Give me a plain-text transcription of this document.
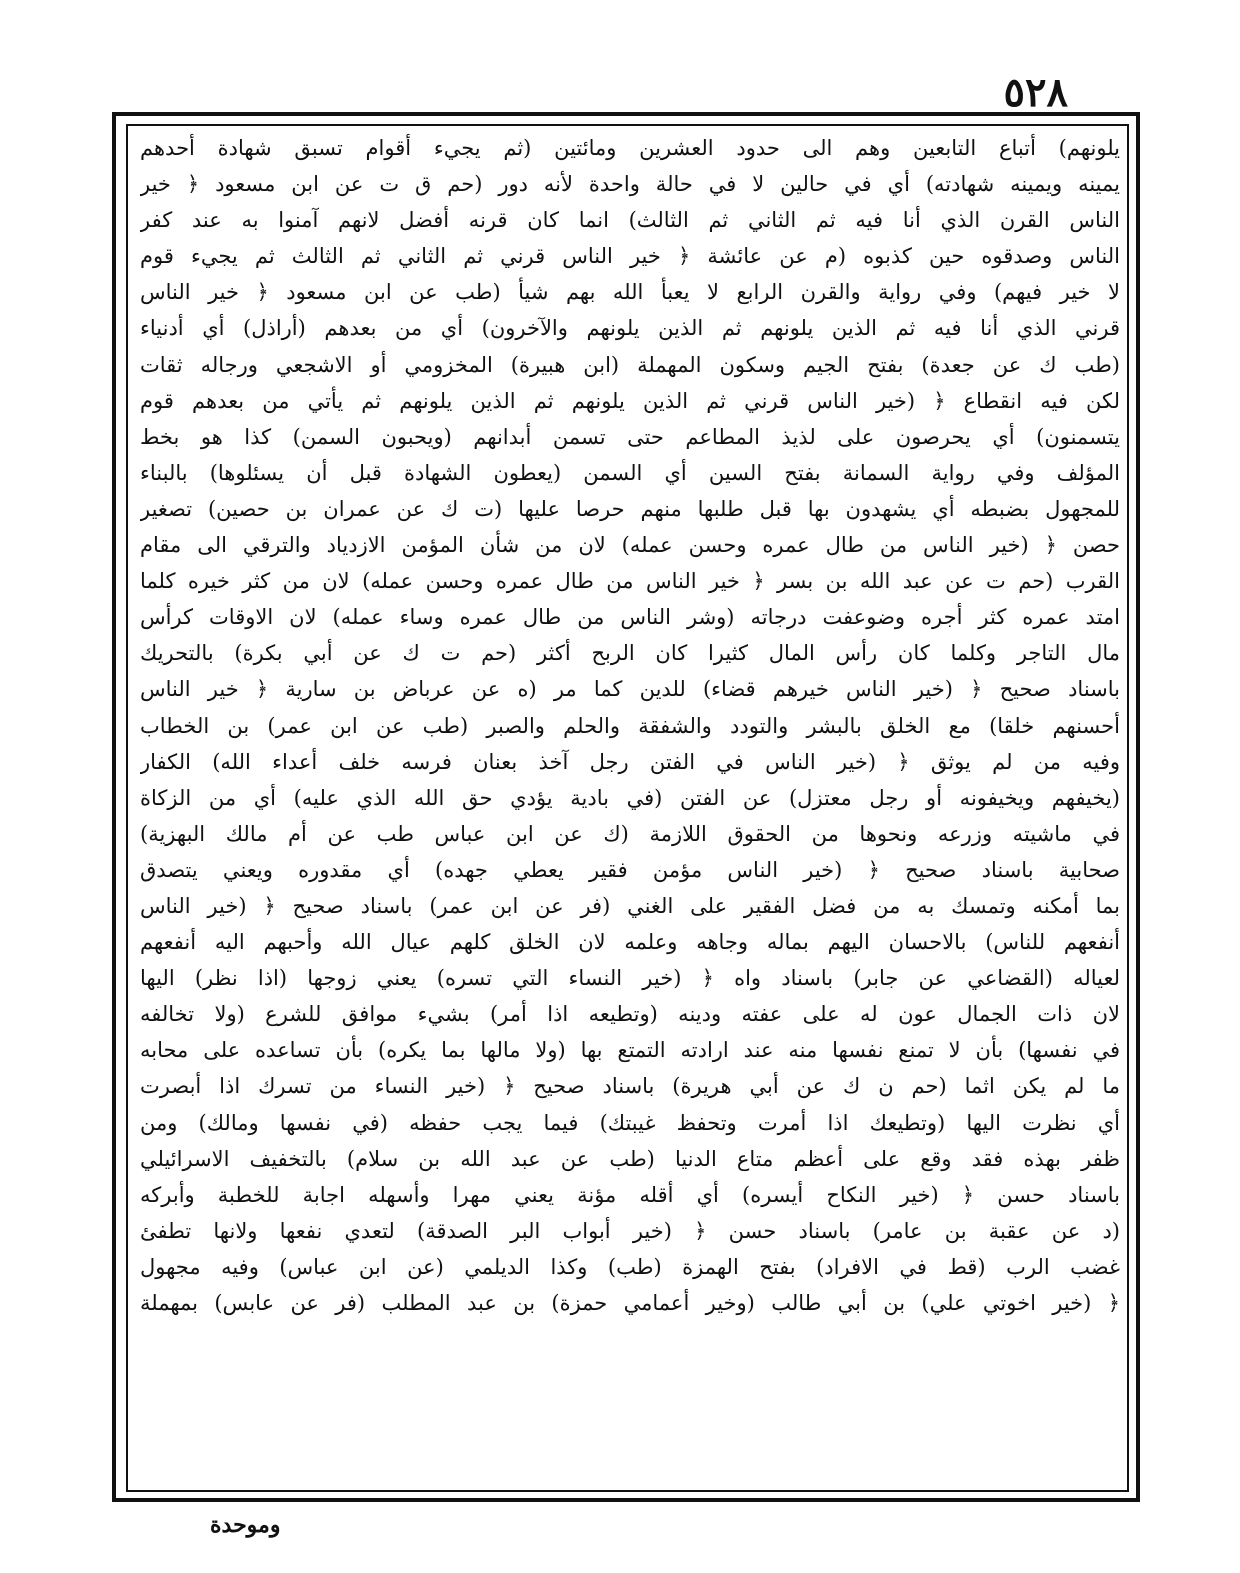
٥٢٨
يلونهم) أتباع التابعين وهم الى حدود العشرين ومائتين (ثم يجيء أقوام تسبق شهادة أحدهم
يمينه ويمينه شهادته) أي في حالين لا في حالة واحدة لأنه دور (حم ق ت عن ابن مسعود ﴿ خير
الناس القرن الذي أنا فيه ثم الثاني ثم الثالث) انما كان قرنه أفضل لانهم آمنوا به عند كفر
الناس وصدقوه حين كذبوه (م عن عائشة ﴿ خير الناس قرني ثم الثاني ثم الثالث ثم يجيء قوم
لا خير فيهم) وفي رواية والقرن الرابع لا يعبأ الله بهم شيأ (طب عن ابن مسعود ﴿ خير الناس
قرني الذي أنا فيه ثم الذين يلونهم ثم الذين يلونهم والآخرون) أي من بعدهم (أراذل) أي أدنياء
(طب ك عن جعدة) بفتح الجيم وسكون المهملة (ابن هبيرة) المخزومي أو الاشجعي ورجاله ثقات
لكن فيه انقطاع ﴿ (خير الناس قرني ثم الذين يلونهم ثم الذين يلونهم ثم يأتي من بعدهم قوم
يتسمنون) أي يحرصون على لذيذ المطاعم حتى تسمن أبدانهم (ويحبون السمن) كذا هو بخط
المؤلف وفي رواية السمانة بفتح السين أي السمن (يعطون الشهادة قبل أن يسئلوها) بالبناء
للمجهول بضبطه أي يشهدون بها قبل طلبها منهم حرصا عليها (ت ك عن عمران بن حصين) تصغير
حصن ﴿ (خير الناس من طال عمره وحسن عمله) لان من شأن المؤمن الازدياد والترقي الى مقام
القرب (حم ت عن عبد الله بن بسر ﴿ خير الناس من طال عمره وحسن عمله) لان من كثر خيره كلما
امتد عمره كثر أجره وضوعفت درجاته (وشر الناس من طال عمره وساء عمله) لان الاوقات كرأس
مال التاجر وكلما كان رأس المال كثيرا كان الربح أكثر (حم ت ك عن أبي بكرة) بالتحريك
باسناد صحيح ﴿ (خير الناس خيرهم قضاء) للدين كما مر (ه عن عرباض بن سارية ﴿ خير الناس
أحسنهم خلقا) مع الخلق بالبشر والتودد والشفقة والحلم والصبر (طب عن ابن عمر) بن الخطاب
وفيه من لم يوثق ﴿ (خير الناس في الفتن رجل آخذ بعنان فرسه خلف أعداء الله) الكفار
(يخيفهم ويخيفونه أو رجل معتزل) عن الفتن (في بادية يؤدي حق الله الذي عليه) أي من الزكاة
في ماشيته وزرعه ونحوها من الحقوق اللازمة (ك عن ابن عباس طب عن أم مالك البهزية)
صحابية باسناد صحيح ﴿ (خير الناس مؤمن فقير يعطي جهده) أي مقدوره ويعني يتصدق
بما أمكنه وتمسك به من فضل الفقير على الغني (فر عن ابن عمر) باسناد صحيح ﴿ (خير الناس
أنفعهم للناس) بالاحسان اليهم بماله وجاهه وعلمه لان الخلق كلهم عيال الله وأحبهم اليه أنفعهم
لعياله (القضاعي عن جابر) باسناد واه ﴿ (خير النساء التي تسره) يعني زوجها (اذا نظر) اليها
لان ذات الجمال عون له على عفته ودينه (وتطيعه اذا أمر) بشيء موافق للشرع (ولا تخالفه
في نفسها) بأن لا تمنع نفسها منه عند ارادته التمتع بها (ولا مالها بما يكره) بأن تساعده على محابه
ما لم يكن اثما (حم ن ك عن أبي هريرة) باسناد صحيح ﴿ (خير النساء من تسرك اذا أبصرت
أي نظرت اليها (وتطيعك اذا أمرت وتحفظ غيبتك) فيما يجب حفظه (في نفسها ومالك) ومن
ظفر بهذه فقد وقع على أعظم متاع الدنيا (طب عن عبد الله بن سلام) بالتخفيف الاسرائيلي
باسناد حسن ﴿ (خير النكاح أيسره) أي أقله مؤنة يعني مهرا وأسهله اجابة للخطبة وأبركه
(د عن عقبة بن عامر) باسناد حسن ﴿ (خير أبواب البر الصدقة) لتعدي نفعها ولانها تطفئ
غضب الرب (قط في الافراد) بفتح الهمزة (طب) وكذا الديلمي (عن ابن عباس) وفيه مجهول
﴿ (خير اخوتي علي) بن أبي طالب (وخير أعمامي حمزة) بن عبد المطلب (فر عن عابس) بمهملة
وموحدة
